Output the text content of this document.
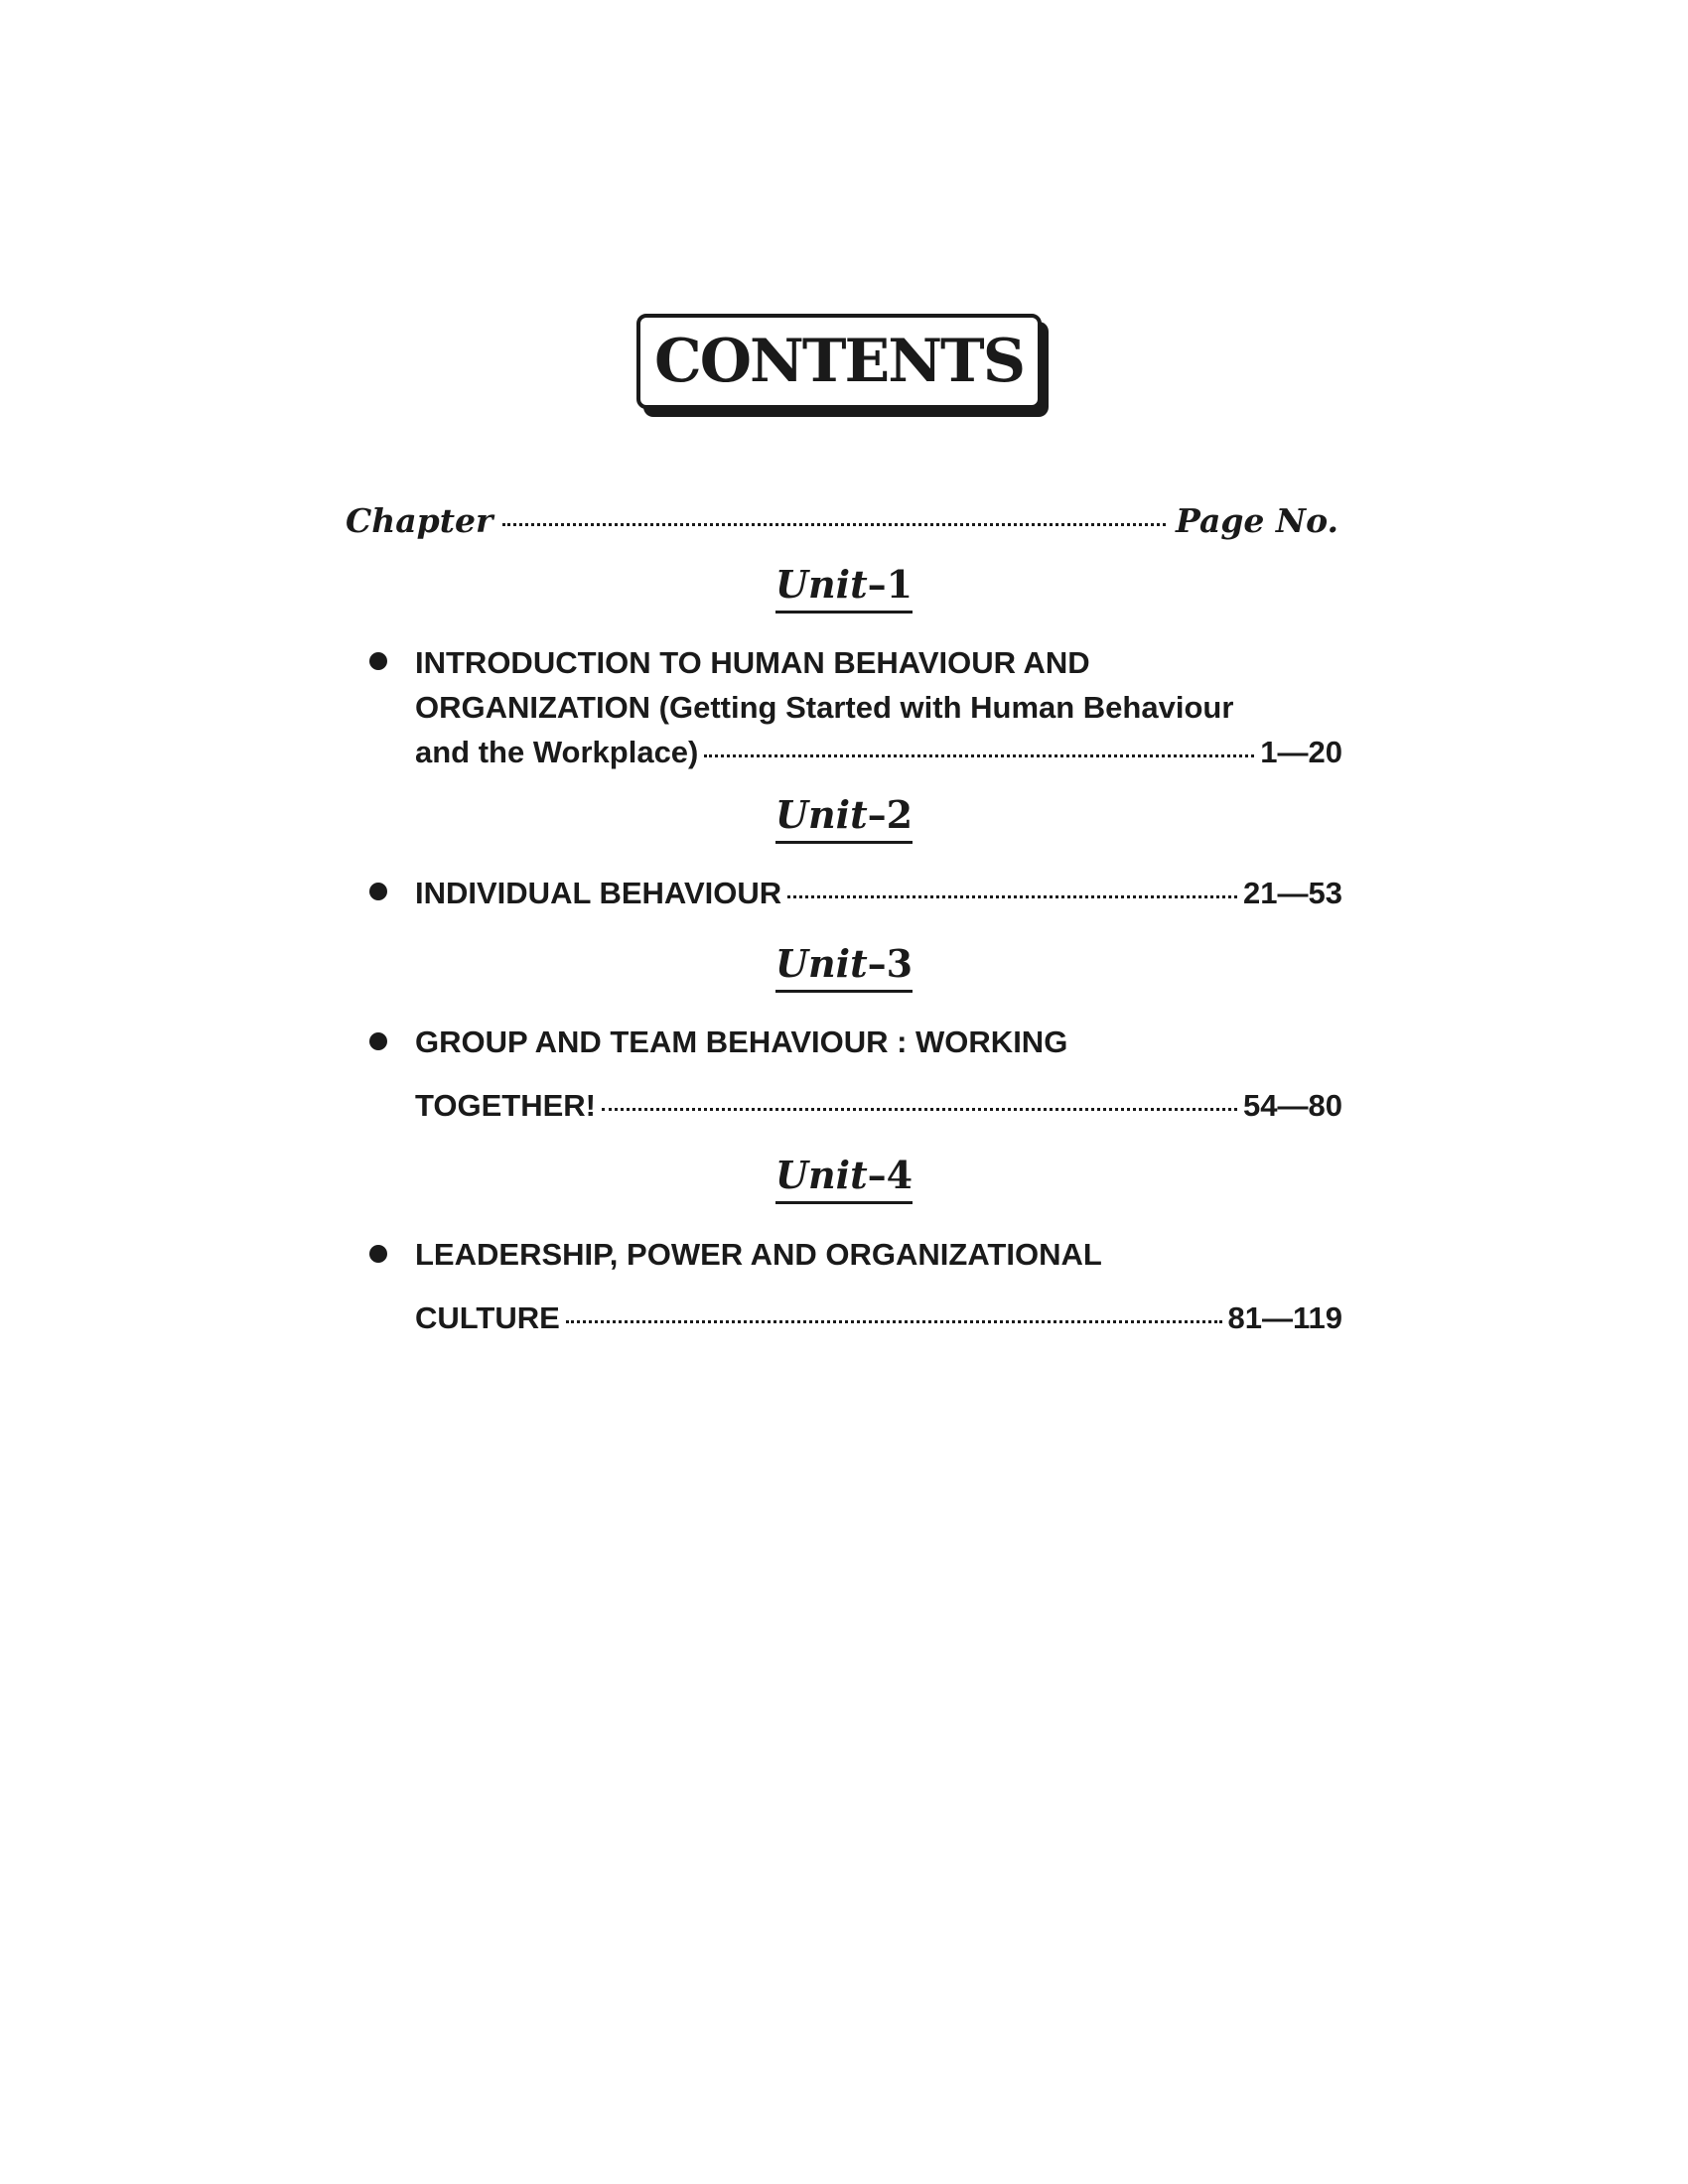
CONTENTS
Chapter	Page No.
Unit–1
INTRODUCTION TO HUMAN BEHAVIOUR AND
ORGANIZATION (Getting Started with Human Behaviour
and the Workplace)	1—20
Unit–2
INDIVIDUAL BEHAVIOUR	21—53
Unit–3
GROUP AND TEAM BEHAVIOUR : WORKING
TOGETHER!	54—80
Unit–4
LEADERSHIP, POWER AND ORGANIZATIONAL
CULTURE	81—119
